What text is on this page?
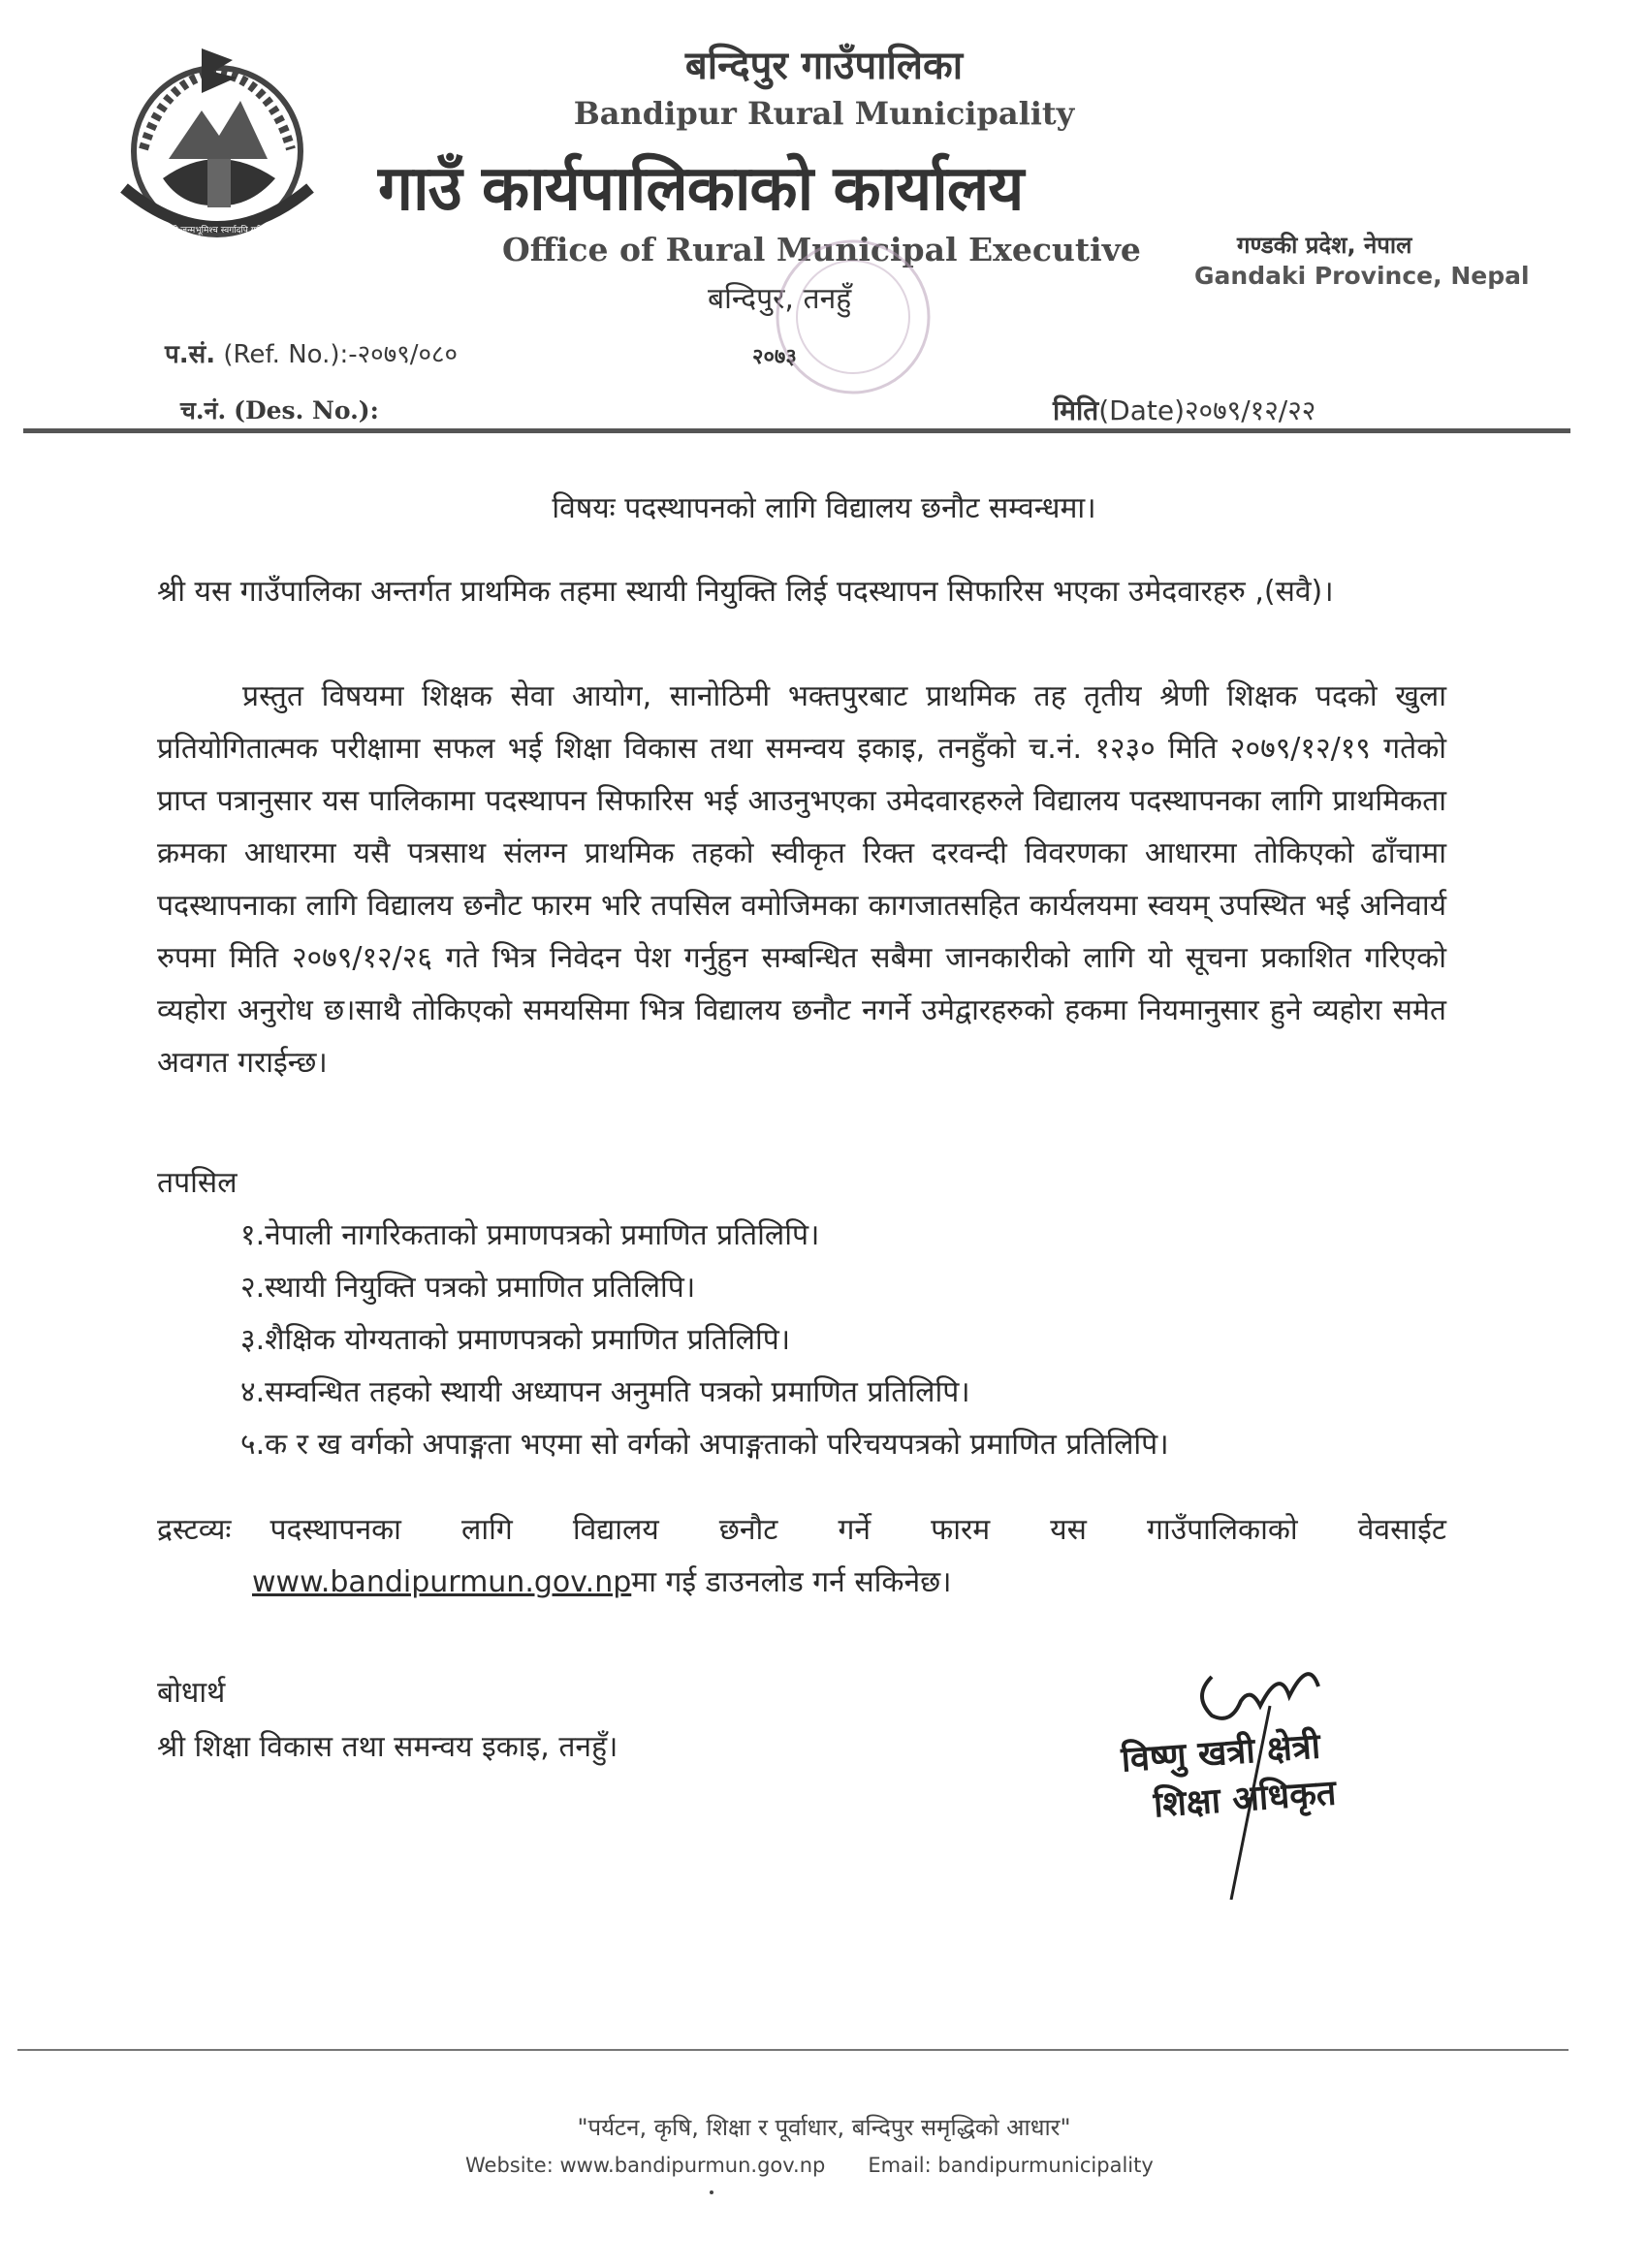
जननी जन्मभूमिश्च स्वर्गादपि गरीयसी
बन्दिपुर गाउँपालिका
Bandipur Rural Municipality
गाउँ कार्यपालिकाको कार्यालय
Office of Rural Municipal Executive
बन्दिपुर, तनहुँ
२०७३
गण्डकी प्रदेश, नेपाल
Gandaki Province, Nepal
प.सं. (Ref. No.):-२०७९/०८०
च.नं. (Des. No.):	मिति(Date)२०७९/१२/२२
विषयः पदस्थापनको लागि विद्यालय छनौट सम्वन्धमा।
श्री यस गाउँपालिका अन्तर्गत प्राथमिक तहमा स्थायी नियुक्ति लिई पदस्थापन सिफारिस भएका उमेदवारहरु ,(सवै)।
प्रस्तुत विषयमा शिक्षक सेवा आयोग, सानोठिमी भक्तपुरबाट प्राथमिक तह तृतीय श्रेणी शिक्षक पदको खुला प्रतियोगितात्मक परीक्षामा सफल भई शिक्षा विकास तथा समन्वय इकाइ, तनहुँको च.नं. १२३० मिति २०७९/१२/१९ गतेको प्राप्त पत्रानुसार यस पालिकामा पदस्थापन सिफारिस भई आउनुभएका उमेदवारहरुले विद्यालय पदस्थापनका लागि प्राथमिकता क्रमका आधारमा यसै पत्रसाथ संलग्न प्राथमिक तहको स्वीकृत रिक्त दरवन्दी विवरणका आधारमा तोकिएको ढाँचामा पदस्थापनाका लागि विद्यालय छनौट फारम भरि तपसिल वमोजिमका कागजातसहित कार्यलयमा स्वयम् उपस्थित भई अनिवार्य रुपमा मिति २०७९/१२/२६ गते भित्र निवेदन पेश गर्नुहुन सम्बन्धित सबैमा जानकारीको लागि यो सूचना प्रकाशित गरिएको व्यहोरा अनुरोध छ।साथै तोकिएको समयसिमा भित्र विद्यालय छनौट नगर्ने उमेद्वारहरुको हकमा नियमानुसार हुने व्यहोरा समेत अवगत गराईन्छ।
तपसिल
१.नेपाली नागरिकताको प्रमाणपत्रको प्रमाणित प्रतिलिपि।
२.स्थायी नियुक्ति पत्रको प्रमाणित प्रतिलिपि।
३.शैक्षिक योग्यताको प्रमाणपत्रको प्रमाणित प्रतिलिपि।
४.सम्वन्धित तहको स्थायी अध्यापन अनुमति पत्रको प्रमाणित प्रतिलिपि।
५.क र ख वर्गको अपाङ्गता भएमा सो वर्गको अपाङ्गताको परिचयपत्रको प्रमाणित प्रतिलिपि।
द्रस्टव्यः पदस्थापनका लागि विद्यालय छनौट गर्ने फारम यस गाउँपालिकाको वेवसाईट
www.bandipurmun.gov.npमा गई डाउनलोड गर्न सकिनेछ।
बोधार्थ
श्री शिक्षा विकास तथा समन्वय इकाइ, तनहुँ।	विष्णु खत्री क्षेत्री
शिक्षा अधिकृत
"पर्यटन, कृषि, शिक्षा र पूर्वाधार, बन्दिपुर समृद्धिको आधार"
Website: www.bandipurmun.gov.np Email: bandipurmunicipality
